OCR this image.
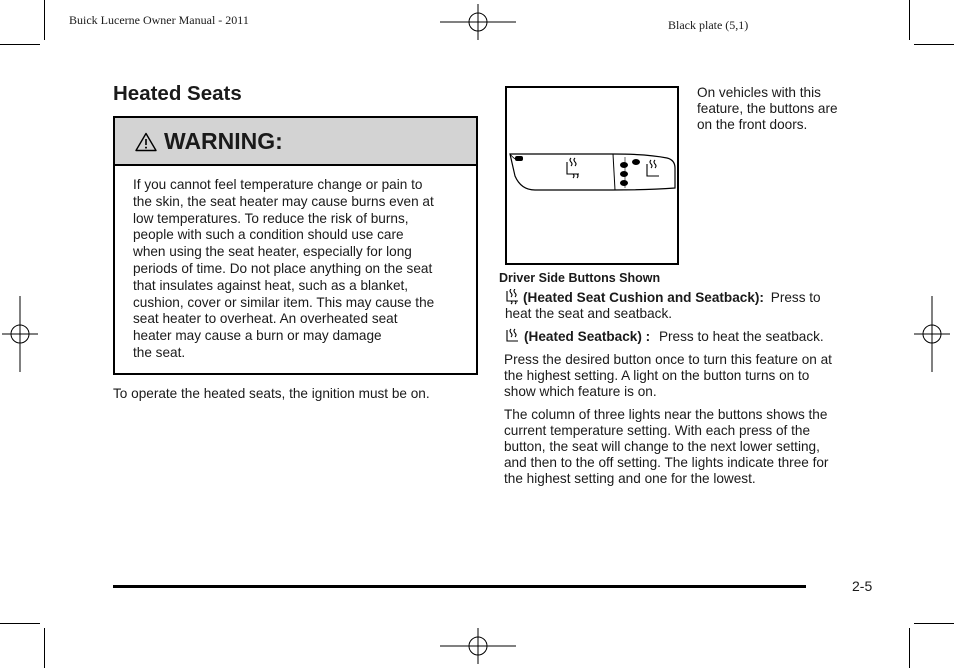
Buick Lucerne Owner Manual - 2011	Black plate (5,1)
Heated Seats
WARNING:
If you cannot feel temperature change or pain to
the skin, the seat heater may cause burns even at
low temperatures. To reduce the risk of burns,
people with such a condition should use care
when using the seat heater, especially for long
periods of time. Do not place anything on the seat
that insulates against heat, such as a blanket,
cushion, cover or similar item. This may cause the
seat heater to overheat. An overheated seat
heater may cause a burn or may damage
the seat.
To operate the heated seats, the ignition must be on.
On vehicles with this
feature, the buttons are
on the front doors.
Driver Side Buttons Shown
(Heated Seat Cushion and Seatback): Press to
heat the seat and seatback.
(Heated Seatback) : Press to heat the seatback.
Press the desired button once to turn this feature on at
the highest setting. A light on the button turns on to
show which feature is on.
The column of three lights near the buttons shows the
current temperature setting. With each press of the
button, the seat will change to the next lower setting,
and then to the off setting. The lights indicate three for
the highest setting and one for the lowest.
2-5
